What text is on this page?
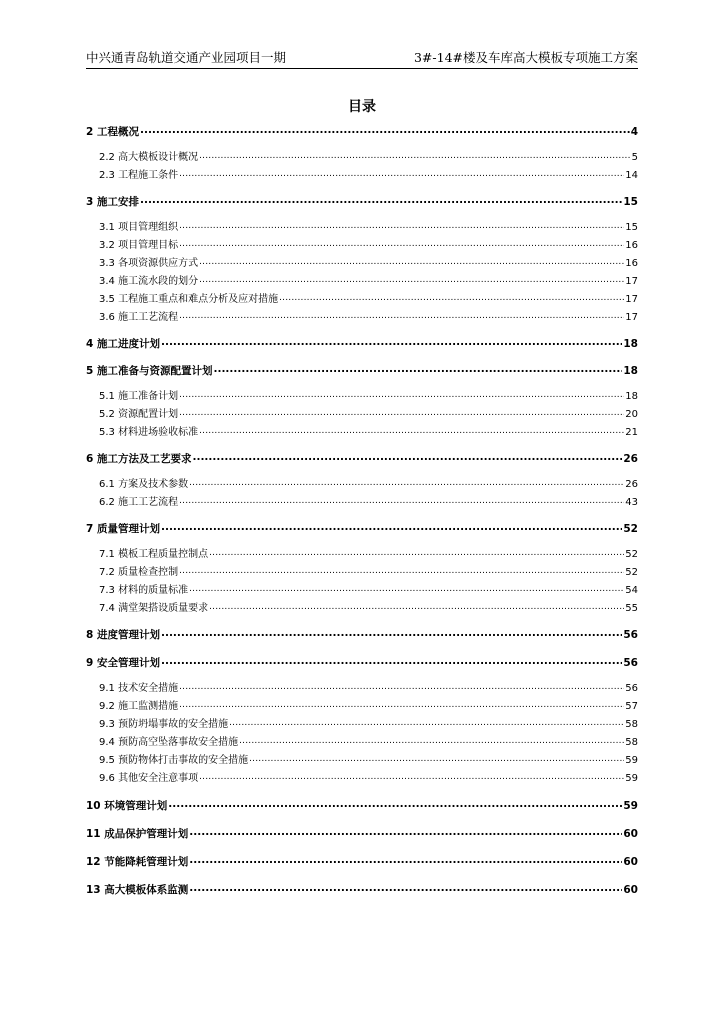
中兴通青岛轨道交通产业园项目一期	3#-14#楼及车库高大模板专项施工方案
目录
2 工程概况 .....	4
2.2 高大模板设计概况 .....	5
2.3 工程施工条件 .....	14
3 施工安排 .....	15
3.1 项目管理组织 .....	15
3.2 项目管理目标 .....	16
3.3 各项资源供应方式 .....	16
3.4 施工流水段的划分 .....	17
3.5 工程施工重点和难点分析及应对措施 .....	17
3.6 施工工艺流程 .....	17
4 施工进度计划 .....	18
5 施工准备与资源配置计划 .....	18
5.1 施工准备计划 .....	18
5.2 资源配置计划 .....	20
5.3 材料进场验收标准 .....	21
6 施工方法及工艺要求 .....	26
6.1 方案及技术参数 .....	26
6.2 施工工艺流程 .....	43
7 质量管理计划 .....	52
7.1 模板工程质量控制点 .....	52
7.2 质量检查控制 .....	52
7.3 材料的质量标准 .....	54
7.4 满堂架搭设质量要求 .....	55
8 进度管理计划 .....	56
9 安全管理计划 .....	56
9.1 技术安全措施 .....	56
9.2 施工监测措施 .....	57
9.3 预防坍塌事故的安全措施 .....	58
9.4 预防高空坠落事故安全措施 .....	58
9.5 预防物体打击事故的安全措施 .....	59
9.6 其他安全注意事项 .....	59
10 环境管理计划 .....	59
11 成品保护管理计划 .....	60
12 节能降耗管理计划 .....	60
13 高大模板体系监测 .....	60
